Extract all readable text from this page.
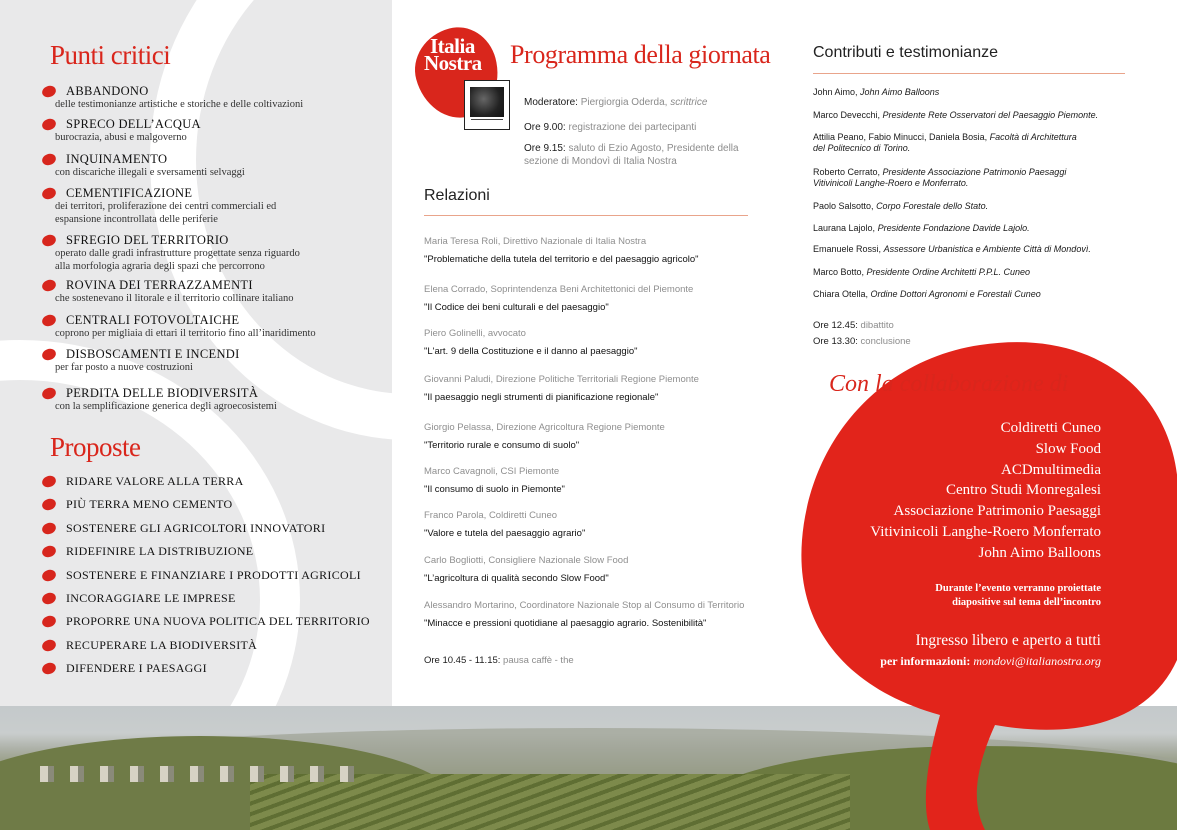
Punti critici
ABBANDONO
delle testimonianze artistiche e storiche e delle coltivazioni
SPRECO DELL’ACQUA
burocrazia, abusi e malgoverno
INQUINAMENTO
con discariche illegali e sversamenti selvaggi
CEMENTIFICAZIONE
dei territori, proliferazione dei centri commerciali ed
espansione incontrollata delle periferie
SFREGIO DEL TERRITORIO
operato dalle gradi infrastrutture progettate senza riguardo
alla morfologia agraria degli spazi che percorrono
ROVINA DEI TERRAZZAMENTI
che sostenevano il litorale e il territorio collinare italiano
CENTRALI FOTOVOLTAICHE
coprono per migliaia di ettari il territorio fino all’inaridimento
DISBOSCAMENTI E INCENDI
per far posto a nuove costruzioni
PERDITA DELLE BIODIVERSITÀ
con la semplificazione generica degli agroecosistemi
Proposte
RIDARE VALORE ALLA TERRA
PIÙ TERRA MENO CEMENTO
SOSTENERE GLI AGRICOLTORI INNOVATORI
RIDEFINIRE LA DISTRIBUZIONE
SOSTENERE E FINANZIARE I PRODOTTI AGRICOLI
INCORAGGIARE LE IMPRESE
PROPORRE UNA NUOVA POLITICA DEL TERRITORIO
RECUPERARE LA BIODIVERSITÀ
DIFENDERE I PAESAGGI
Italia
Nostra	Programma della giornata
Moderatore: Piergiorgia Oderda, scrittrice
Ore 9.00: registrazione dei partecipanti
Ore 9.15: saluto di Ezio Agosto, Presidente della
sezione di Mondovì di Italia Nostra
Relazioni
Maria Teresa Roli, Direttivo Nazionale di Italia Nostra
"Problematiche della tutela del territorio e del paesaggio agricolo"
Elena Corrado, Soprintendenza Beni Architettonici del Piemonte
"Il Codice dei beni culturali e del paesaggio"
Piero Golinelli, avvocato
"L'art. 9 della Costituzione e il danno al paesaggio"
Giovanni Paludi, Direzione Politiche Territoriali Regione Piemonte
"Il paesaggio negli strumenti di pianificazione regionale"
Giorgio Pelassa, Direzione Agricoltura Regione Piemonte
"Territorio rurale e consumo di suolo"
Marco Cavagnoli, CSI Piemonte
"Il consumo di suolo in Piemonte"
Franco Parola, Coldiretti Cuneo
"Valore e tutela del paesaggio agrario"
Carlo Bogliotti, Consigliere Nazionale Slow Food
"L’agricoltura di qualità secondo Slow Food"
Alessandro Mortarino, Coordinatore Nazionale Stop al Consumo di Territorio
"Minacce e pressioni quotidiane al paesaggio agrario. Sostenibilità"
Ore 10.45 - 11.15: pausa caffè - the
Contributi e testimonianze
John Aimo, John Aimo Balloons
Marco Devecchi, Presidente Rete Osservatori del Paesaggio Piemonte.
Attilia Peano, Fabio Minucci, Daniela Bosia, Facoltà di Architettura
del Politecnico di Torino.
Roberto Cerrato, Presidente Associazione Patrimonio Paesaggi
Vitivinicoli Langhe-Roero e Monferrato.
Paolo Salsotto, Corpo Forestale dello Stato.
Laurana Lajolo, Presidente Fondazione Davide Lajolo.
Emanuele Rossi, Assessore Urbanistica e Ambiente Città di Mondovì.
Marco Botto, Presidente Ordine Architetti P.P.L. Cuneo
Chiara Otella, Ordine Dottori Agronomi e Forestali Cuneo
Ore 12.45: dibattito
Ore 13.30: conclusione
Con la collaborazione di
Coldiretti Cuneo
Slow Food
ACDmultimedia
Centro Studi Monregalesi
Associazione Patrimonio Paesaggi
Vitivinicoli Langhe-Roero Monferrato
John Aimo Balloons
Durante l’evento verranno proiettate
diapositive sul tema dell’incontro
Ingresso libero e aperto a tutti
per informazioni: mondovi@italianostra.org
